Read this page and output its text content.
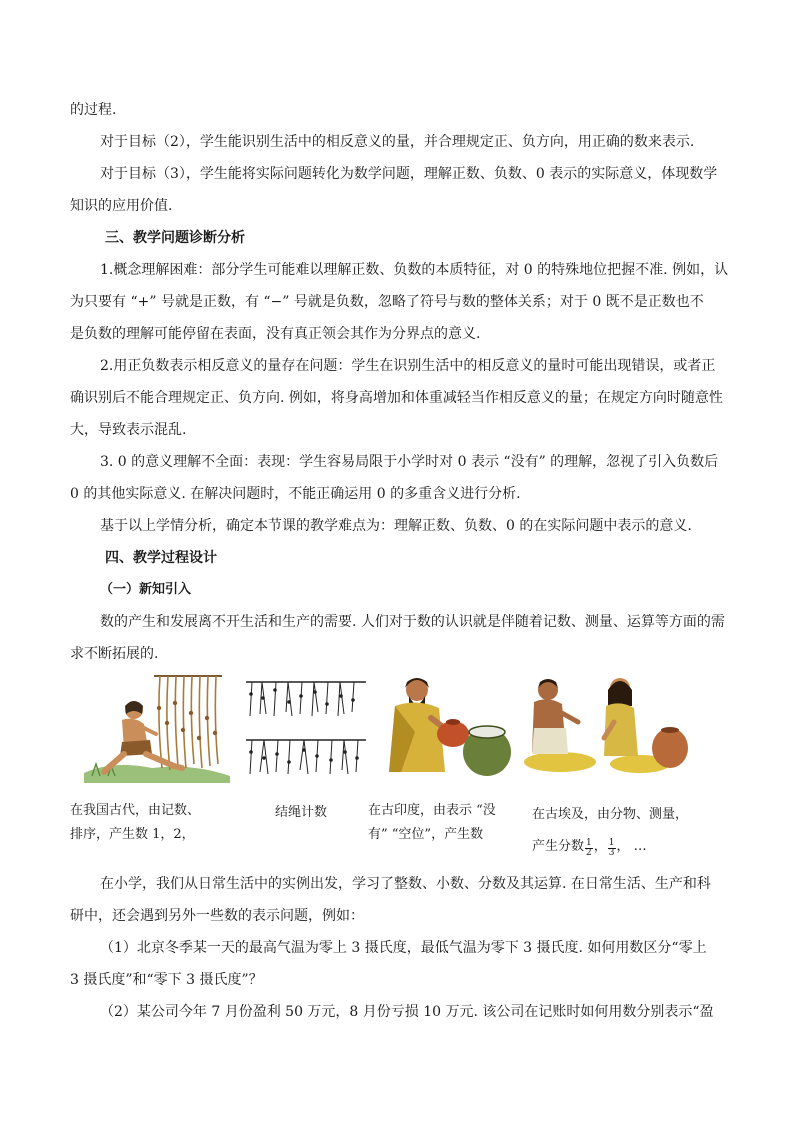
的过程.
对于目标（2），学生能识别生活中的相反意义的量，并合理规定正、负方向，用正确的数来表示.
对于目标（3），学生能将实际问题转化为数学问题，理解正数、负数、0 表示的实际意义，体现数学
知识的应用价值.
三、教学问题诊断分析
1.概念理解困难：部分学生可能难以理解正数、负数的本质特征，对 0 的特殊地位把握不准. 例如，认
为只要有 “+” 号就是正数，有 “−” 号就是负数，忽略了符号与数的整体关系；对于 0 既不是正数也不
是负数的理解可能停留在表面，没有真正领会其作为分界点的意义.
2.用正负数表示相反意义的量存在问题：学生在识别生活中的相反意义的量时可能出现错误，或者正
确识别后不能合理规定正、负方向. 例如，将身高增加和体重减轻当作相反意义的量；在规定方向时随意性
大，导致表示混乱.
3. 0 的意义理解不全面：表现：学生容易局限于小学时对 0 表示 “没有” 的理解，忽视了引入负数后
0 的其他实际意义. 在解决问题时，不能正确运用 0 的多重含义进行分析.
基于以上学情分析，确定本节课的教学难点为：理解正数、负数、0 的在实际问题中表示的意义.
四、教学过程设计
（一）新知引入
数的产生和发展离不开生活和生产的需要. 人们对于数的认识就是伴随着记数、测量、运算等方面的需
求不断拓展的.
在我国古代，由记数、
排序，产生数 1，2，
结绳计数	在古印度，由表示 “没
有” “空位”，产生数
在古埃及，由分物、测量，
产生分数 $\frac{1}{2}$ ， $\frac{1}{3}$ ， …
在小学，我们从日常生活中的实例出发，学习了整数、小数、分数及其运算. 在日常生活、生产和科
研中，还会遇到另外一些数的表示问题，例如：
（1）北京冬季某一天的最高气温为零上 3 摄氏度，最低气温为零下 3 摄氏度. 如何用数区分“零上
3 摄氏度”和“零下 3 摄氏度”？
（2）某公司今年 7 月份盈利 50 万元，8 月份亏损 10 万元. 该公司在记账时如何用数分别表示“盈
